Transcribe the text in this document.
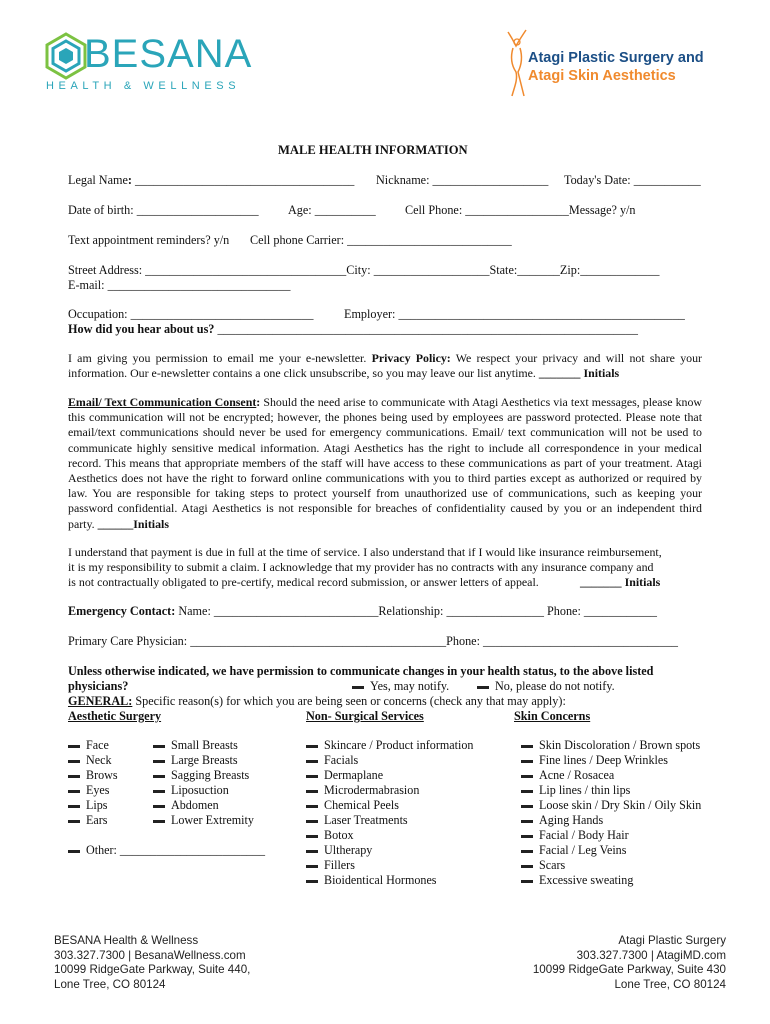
BESANA
HEALTH & WELLNESS
Atagi Plastic Surgery and
Atagi Skin Aesthetics
MALE HEALTH INFORMATION
Legal Name: ____________________________________ Nickname: ___________________ Today's Date: ___________
Date of birth: ____________________ Age: __________ Cell Phone: _________________Message? y/n
Text appointment reminders? y/n Cell phone Carrier: ___________________________
Street Address: _________________________________City: ___________________State:_______Zip:_____________
E-mail: ______________________________
Occupation: ______________________________	Employer: _______________________________________________
How did you hear about us? _____________________________________________________________________
I am giving you permission to email me your e-newsletter. Privacy Policy: We respect your privacy and will not share your information. Our e-newsletter contains a one click unsubscribe, so you may leave our list anytime. _______ Initials
Email/ Text Communication Consent: Should the need arise to communicate with Atagi Aesthetics via text messages, please know this communication will not be encrypted; however, the phones being used by employees are password protected. Please note that email/text communications should never be used for emergency communications. Email/ text communication will not be used to communicate highly sensitive medical information. Atagi Aesthetics has the right to include all correspondence in your medical record. This means that appropriate members of the staff will have access to these communications as part of your treatment. Atagi Aesthetics does not have the right to forward online communications with you to third parties except as authorized or required by law. You are responsible for taking steps to protect yourself from unauthorized use of communications, such as keeping your password confidential. Atagi Aesthetics is not responsible for breaches of confidentiality caused by you or an independent third party. ______Initials
I understand that payment is due in full at the time of service. I also understand that if I would like insurance reimbursement,
it is my responsibility to submit a claim. I acknowledge that my provider has no contracts with any insurance company and
is not contractually obligated to pre-certify, medical record submission, or answer letters of appeal.	_______ Initials
Emergency Contact: Name: ___________________________Relationship: ________________ Phone: ____________
Primary Care Physician: __________________________________________Phone: ________________________________
Unless otherwise indicated, we have permission to communicate changes in your health status, to the above listed
physicians?	Yes, may notify.	No, please do not notify.
GENERAL: Specific reason(s) for which you are being seen or concerns (check any that may apply):
Aesthetic Surgery	Non- Surgical Services	Skin Concerns
Face
Neck
Brows
Eyes
Lips
Ears
Small Breasts
Large Breasts
Sagging Breasts
Liposuction
Abdomen
Lower Extremity
Other: ________________________
Skincare / Product information
Facials
Dermaplane
Microdermabrasion
Chemical Peels
Laser Treatments
Botox
Ultherapy
Fillers
Bioidentical Hormones
Skin Discoloration / Brown spots
Fine lines / Deep Wrinkles
Acne / Rosacea
Lip lines / thin lips
Loose skin / Dry Skin / Oily Skin
Aging Hands
Facial / Body Hair
Facial / Leg Veins
Scars
Excessive sweating
BESANA Health & Wellness
303.327.7300 | BesanaWellness.com
10099 RidgeGate Parkway, Suite 440,
Lone Tree, CO 80124
Atagi Plastic Surgery
303.327.7300 | AtagiMD.com
10099 RidgeGate Parkway, Suite 430
Lone Tree, CO 80124
